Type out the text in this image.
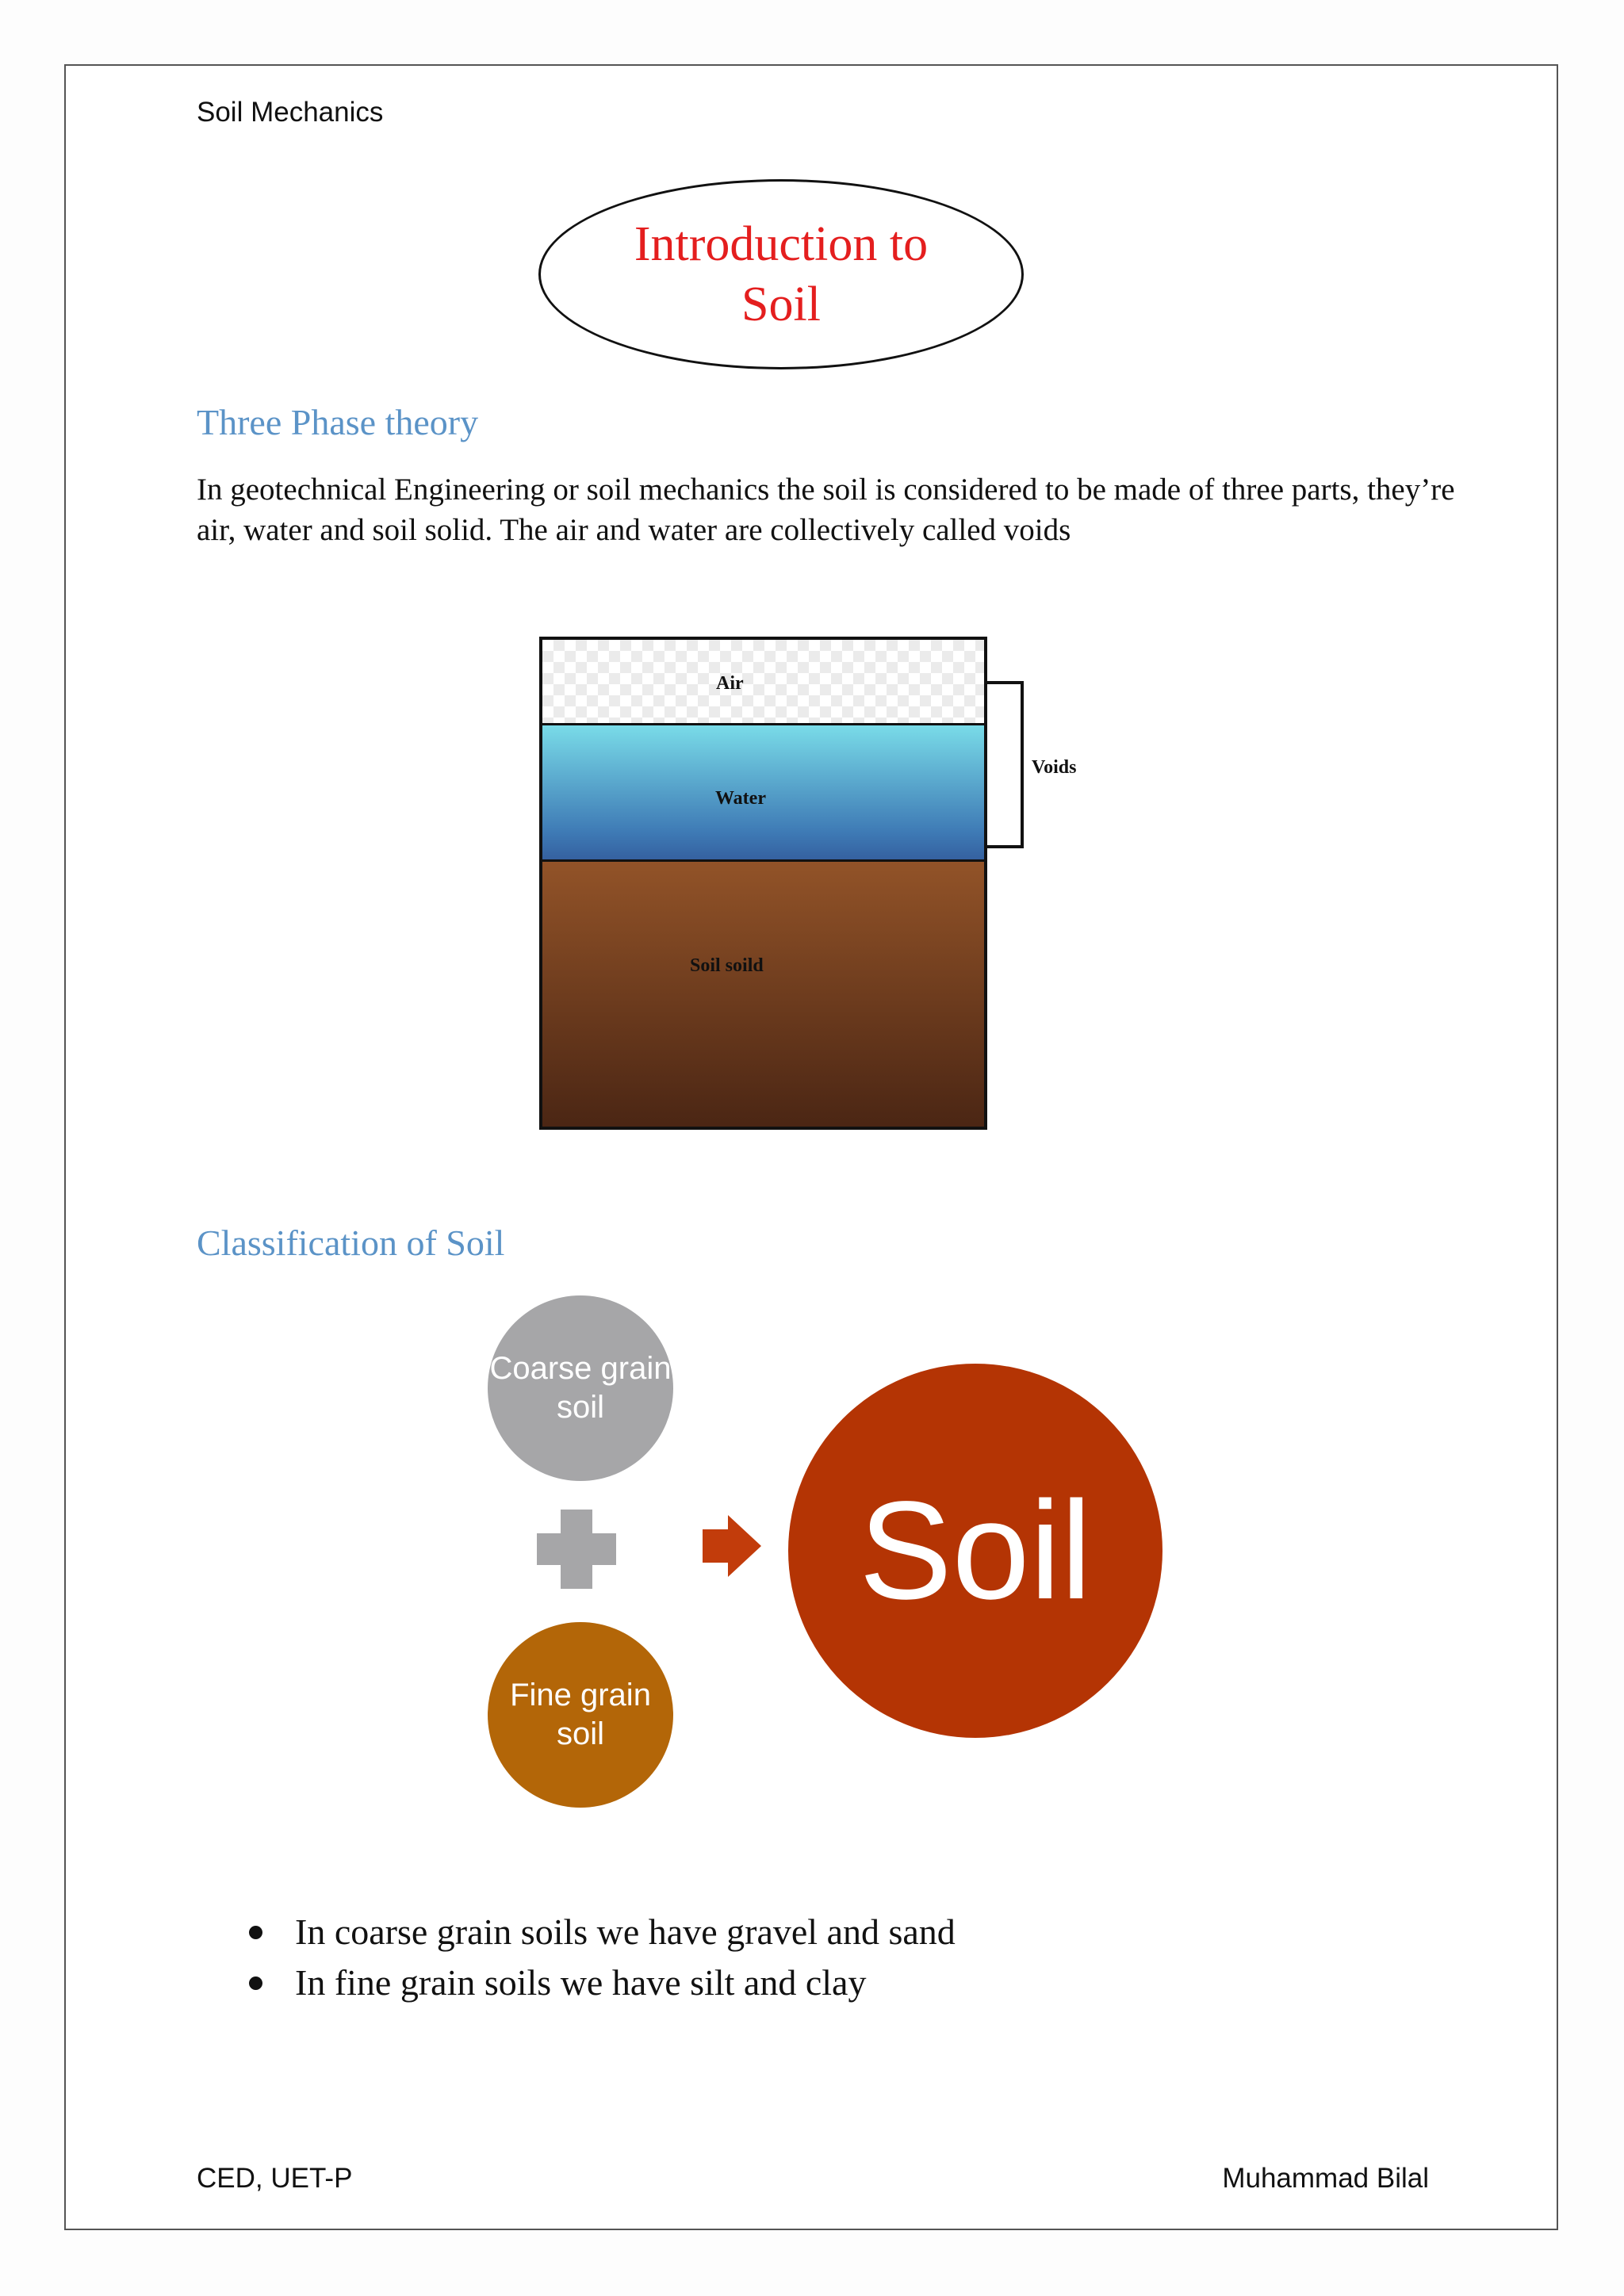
Soil Mechanics
Introduction to Soil
Three Phase theory
In geotechnical Engineering or soil mechanics the soil is considered to be made of three parts, they’re air, water and soil solid. The air and water are collectively called voids
Air
Water
Soil soild
Voids
Classification of Soil
Coarse grain soil
Fine grain soil
Soil
In coarse grain soils we have gravel and sand
In fine grain soils we have silt and clay
CED, UET-P	Muhammad Bilal
